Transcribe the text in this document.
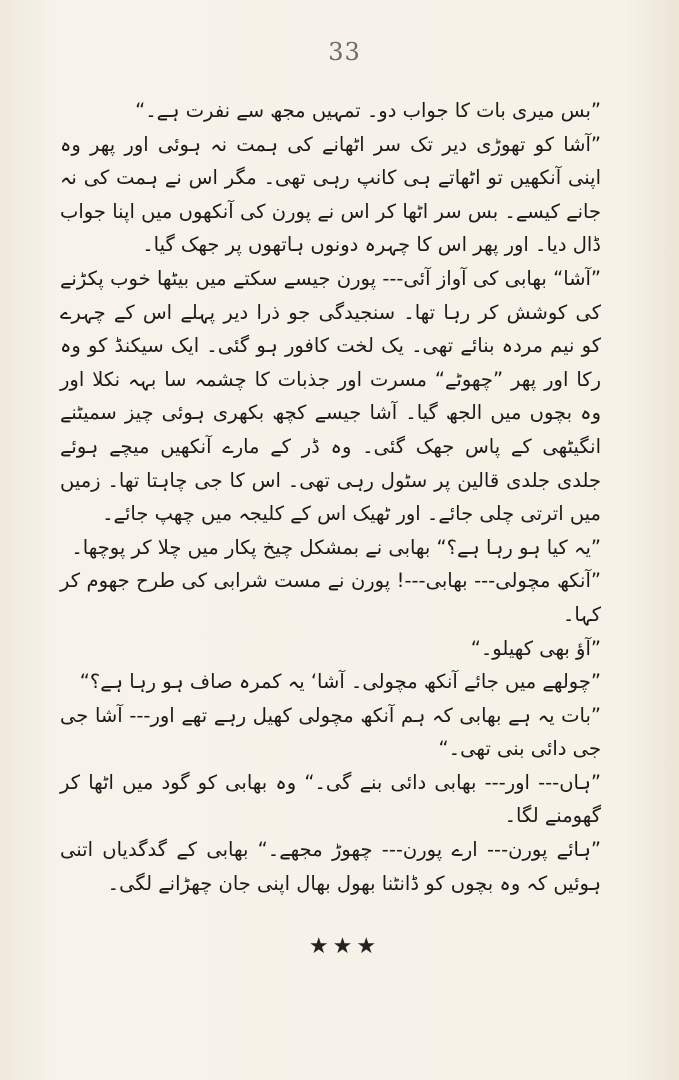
33

”بس میری بات کا جواب دو۔ تمہیں مجھ سے نفرت ہے۔“

”آشا کو تھوڑی دیر تک سر اٹھانے کی ہمت نہ ہوئی اور پھر وہ اپنی آنکھیں تو اٹھاتے ہی کانپ رہی تھی۔ مگر اس نے ہمت کی نہ جانے کیسے۔ بس سر اٹھا کر اس نے پورن کی آنکھوں میں اپنا جواب ڈال دیا۔ اور پھر اس کا چہرہ دونوں ہاتھوں پر جھک گیا۔

”آشا“ بھابی کی آواز آئی--- پورن جیسے سکتے میں بیٹھا خوب پکڑنے کی کوشش کر رہا تھا۔ سنجیدگی جو ذرا دیر پہلے اس کے چہرے کو نیم مردہ بنائے تھی۔ یک لخت کافور ہو گئی۔ ایک سیکنڈ کو وہ رکا اور پھر ”چھوٹے“ مسرت اور جذبات کا چشمہ سا بہہ نکلا اور وہ بچوں میں الجھ گیا۔ آشا جیسے کچھ بکھری ہوئی چیز سمیٹنے انگیٹھی کے پاس جھک گئی۔ وہ ڈر کے مارے آنکھیں میچے ہوئے جلدی جلدی قالین پر سٹول رہی تھی۔ اس کا جی چاہتا تھا۔ زمیں میں اترتی چلی جائے۔ اور ٹھیک اس کے کلیجہ میں چھپ جائے۔

”یہ کیا ہو رہا ہے؟“ بھابی نے بمشکل چیخ پکار میں چلا کر پوچھا۔

”آنکھ مچولی--- بھابی---! پورن نے مست شرابی کی طرح جھوم کر کہا۔

”آؤ بھی کھیلو۔“

”چولھے میں جائے آنکھ مچولی۔ آشا‘ یہ کمرہ صاف ہو رہا ہے؟“

”بات یہ ہے بھابی کہ ہم آنکھ مچولی کھیل رہے تھے اور--- آشا جی جی دائی بنی تھی۔“

”ہاں--- اور--- بھابی دائی بنے گی۔“ وہ بھابی کو گود میں اٹھا کر گھومنے لگا۔

”ہائے پورن--- ارے پورن--- چھوڑ مجھے۔“ بھابی کے گدگدیاں اتنی ہوئیں کہ وہ بچوں کو ڈانٹنا بھول بھال اپنی جان چھڑانے لگی۔

★★★
